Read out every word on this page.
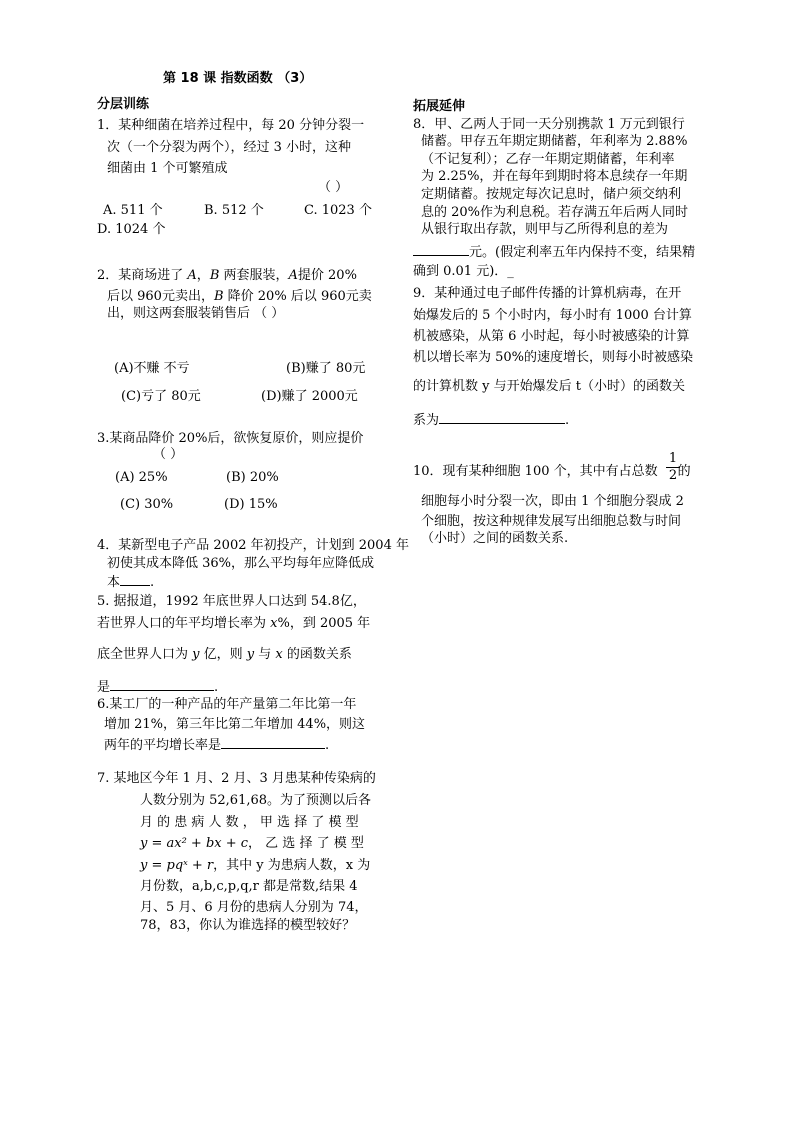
第 18 课 指数函数 （3）
分层训练
1．某种细菌在培养过程中，每 20 分钟分裂一
次（一个分裂为两个），经过 3 小时，这种
细菌由 1 个可繁殖成
（ ）
A. 511 个	B. 512 个	C. 1023 个
D. 1024 个
2．某商场进了 A，B 两套服装，A提价 20%
后以 960元卖出，B 降价 20% 后以 960元卖
出，则这两套服装销售后 （ ）
(A)不赚 不亏	(B)赚了 80元
(C)亏了 80元	(D)赚了 2000元
3.某商品降价 20%后，欲恢复原价，则应提价
（ ）
(A) 25%	(B) 20%
(C) 30%	(D) 15%
4．某新型电子产品 2002 年初投产，计划到 2004 年
初使其成本降低 36%，那么平均每年应降低成
本 .
5. 据报道，1992 年底世界人口达到 54.8亿，
若世界人口的年平均增长率为 x%，到 2005 年
底全世界人口为 y 亿，则 y 与 x 的函数关系
是	.
6.某工厂的一种产品的年产量第二年比第一年
增加 21%，第三年比第二年增加 44%，则这
两年的平均增长率是	.
7. 某地区今年 1 月、2 月、3 月患某种传染病的
人数分别为 52,61,68。为了预测以后各
月 的 患 病 人 数 ， 甲 选 择 了 模 型
y = ax² + bx + c， 乙 选 择 了 模 型
y = pqˣ + r，其中 y 为患病人数，x 为
月份数，a,b,c,p,q,r 都是常数,结果 4
月、5 月、6 月份的患病人分别为 74，
78，83，你认为谁选择的模型较好？
拓展延伸
8．甲、乙两人于同一天分别携款 1 万元到银行
储蓄。甲存五年期定期储蓄，年利率为 2.88%
（不记复利）；乙存一年期定期储蓄，年利率
为 2.25%，并在每年到期时将本息续存一年期
定期储蓄。按规定每次记息时，储户须交纳利
息的 20%作为利息税。若存满五年后两人同时
从银行取出存款，则甲与乙所得利息的差为
元。(假定利率五年内保持不变，结果精
确到 0.01 元)．_
9．某种通过电子邮件传播的计算机病毒，在开
始爆发后的 5 个小时内，每小时有 1000 台计算
机被感染，从第 6 小时起，每小时被感染的计算
机以增长率为 50%的速度增长，则每小时被感染
的计算机数 y 与开始爆发后 t（小时）的函数关
系为	.
10．现有某种细胞 100 个，其中有占总数 的
1
2
细胞每小时分裂一次，即由 1 个细胞分裂成 2
个细胞，按这种规律发展写出细胞总数与时间
（小时）之间的函数关系.
